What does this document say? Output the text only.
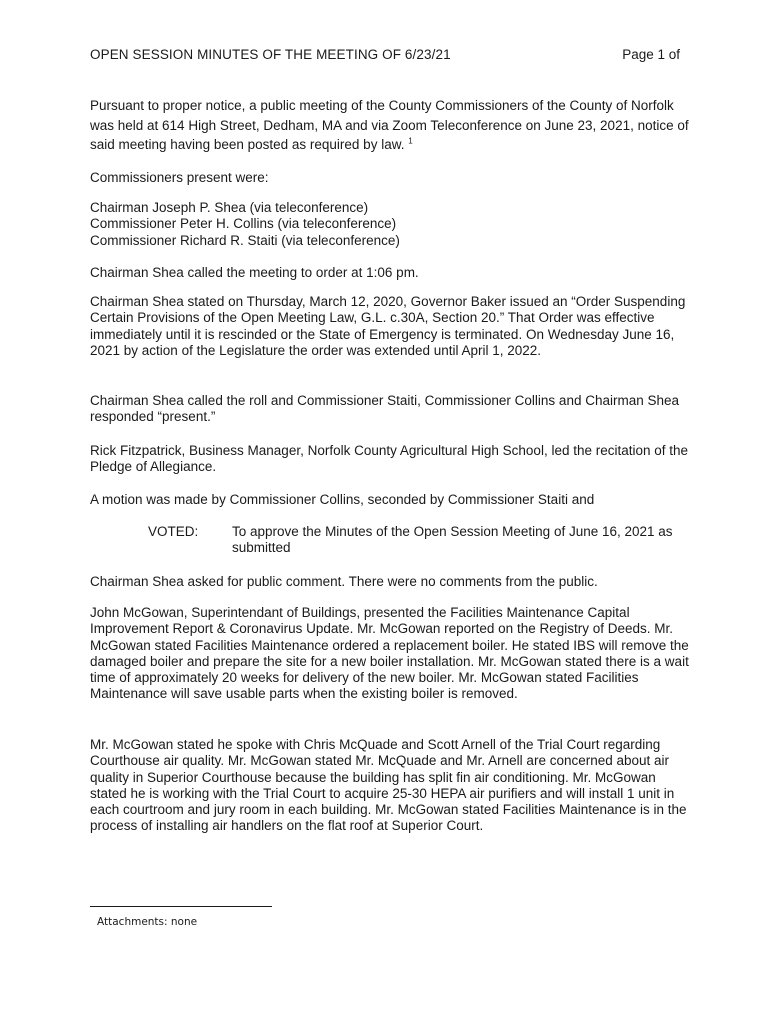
OPEN SESSION MINUTES OF THE MEETING OF 6/23/21	Page 1 of
Pursuant to proper notice, a public meeting of the County Commissioners of the County of Norfolk was held at 614 High Street, Dedham, MA and via Zoom Teleconference on June 23, 2021, notice of said meeting having been posted as required by law. $^1$
Commissioners present were:
Chairman Joseph P. Shea (via teleconference)
Commissioner Peter H. Collins (via teleconference)
Commissioner Richard R. Staiti (via teleconference)
Chairman Shea called the meeting to order at 1:06 pm.
Chairman Shea stated on Thursday, March 12, 2020, Governor Baker issued an “Order Suspending Certain Provisions of the Open Meeting Law, G.L. c.30A, Section 20.” That Order was effective immediately until it is rescinded or the State of Emergency is terminated. On Wednesday June 16, 2021 by action of the Legislature the order was extended until April 1, 2022.
Chairman Shea called the roll and Commissioner Staiti, Commissioner Collins and Chairman Shea responded “present.”
Rick Fitzpatrick, Business Manager, Norfolk County Agricultural High School, led the recitation of the Pledge of Allegiance.
A motion was made by Commissioner Collins, seconded by Commissioner Staiti and
VOTED:	To approve the Minutes of the Open Session Meeting of June 16, 2021 as submitted
Chairman Shea asked for public comment. There were no comments from the public.
John McGowan, Superintendant of Buildings, presented the Facilities Maintenance Capital Improvement Report & Coronavirus Update. Mr. McGowan reported on the Registry of Deeds. Mr. McGowan stated Facilities Maintenance ordered a replacement boiler. He stated IBS will remove the damaged boiler and prepare the site for a new boiler installation. Mr. McGowan stated there is a wait time of approximately 20 weeks for delivery of the new boiler. Mr. McGowan stated Facilities Maintenance will save usable parts when the existing boiler is removed.
Mr. McGowan stated he spoke with Chris McQuade and Scott Arnell of the Trial Court regarding Courthouse air quality. Mr. McGowan stated Mr. McQuade and Mr. Arnell are concerned about air quality in Superior Courthouse because the building has split fin air conditioning. Mr. McGowan stated he is working with the Trial Court to acquire 25-30 HEPA air purifiers and will install 1 unit in each courtroom and jury room in each building. Mr. McGowan stated Facilities Maintenance is in the process of installing air handlers on the flat roof at Superior Court.
Attachments: none
